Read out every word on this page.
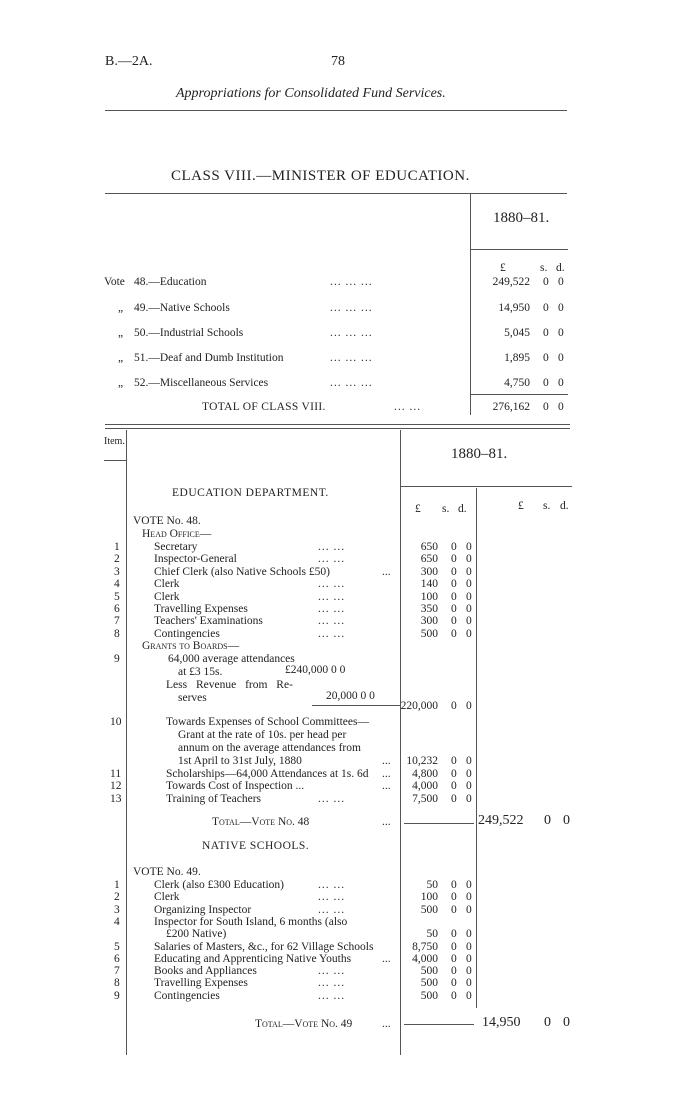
B.—2A.	78
Appropriations for Consolidated Fund Services.
CLASS VIII.—MINISTER OF EDUCATION.
1880–81.
£	s. d.
Vote 48.—Education	... ... ...	249,522 0 0
„ 49.—Native Schools	... ... ...	14,950 0 0
„ 50.—Industrial Schools	... ... ...	5,045 0 0
„ 51.—Deaf and Dumb Institution	... ... ...	1,895 0 0
„ 52.—Miscellaneous Services	... ... ...	4,750 0 0
TOTAL OF CLASS VIII.	... ...	276,162 0 0
Item.
1880–81.
£ s. d.	£ s. d.
EDUCATION DEPARTMENT.
VOTE No. 48.
Head Office—
1	Secretary	... ...	650 0 0
2	Inspector-General	... ...	650 0 0
3	Chief Clerk (also Native Schools £50)	...	300 0 0
4	Clerk	... ...	140 0 0
5	Clerk	... ...	100 0 0
6	Travelling Expenses	... ...	350 0 0
7	Teachers' Examinations	... ...	300 0 0
8	Contingencies	... ...	500 0 0
Grants to Boards—
9	64,000 average attendances
at £3 15s.	£240,000 0 0
Less Revenue from Re-
serves	20,000 0 0
220,000 0 0
10	Towards Expenses of School Committees—
Grant at the rate of 10s. per head per
annum on the average attendances from
1st April to 31st July, 1880	...	10,232 0 0
11	Scholarships—64,000 Attendances at 1s. 6d ...	4,800 0 0
12	Towards Cost of Inspection ...	...	4,000 0 0
13	Training of Teachers	... ...	7,500 0 0
Total—Vote No. 48	...	249,522 0 0
NATIVE SCHOOLS.
VOTE No. 49.
1	Clerk (also £300 Education)	... ...	50 0 0
2	Clerk	... ...	100 0 0
3	Organizing Inspector	... ...	500 0 0
4	Inspector for South Island, 6 months (also
£200 Native)	50 0 0
5	Salaries of Masters, &c., for 62 Village Schools	8,750 0 0
6	Educating and Apprenticing Native Youths	...	4,000 0 0
7	Books and Appliances	... ...	500 0 0
8	Travelling Expenses	... ...	500 0 0
9	Contingencies	... ...	500 0 0
Total—Vote No. 49	...	14,950 0 0
